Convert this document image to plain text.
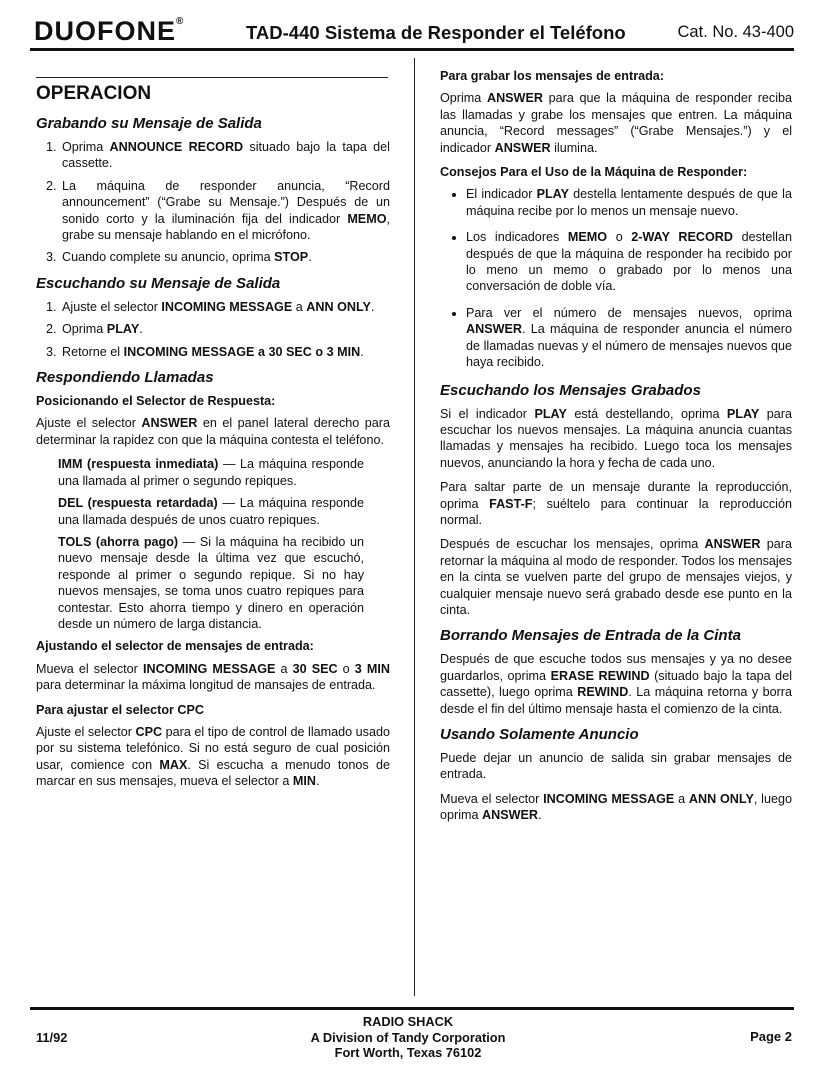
DUOFONE®
TAD-440 Sistema de Responder el Teléfono	Cat. No. 43-400
OPERACION
Grabando su Mensaje de Salida
1. Oprima ANNOUNCE RECORD situado bajo la tapa del cassette.
2. La máquina de responder anuncia, “Record announcement” (“Grabe su Mensaje.”) Después de un sonido corto y la iluminación fija del indicador MEMO, grabe su mensaje hablando en el micrófono.
3. Cuando complete su anuncio, oprima STOP.
Escuchando su Mensaje de Salida
1. Ajuste el selector INCOMING MESSAGE a ANN ONLY.
2. Oprima PLAY.
3. Retorne el INCOMING MESSAGE a 30 SEC o 3 MIN.
Respondiendo Llamadas
Posicionando el Selector de Respuesta:

Ajuste el selector ANSWER en el panel lateral derecho para determinar la rapidez con que la máquina contesta el teléfono.

IMM (respuesta inmediata) — La máquina responde una llamada al primer o segundo repiques.

DEL (respuesta retardada) — La máquina responde una llamada después de unos cuatro repiques.

TOLS (ahorra pago) — Si la máquina ha recibido un nuevo mensaje desde la última vez que escuchó, responde al primer o segundo repique. Si no hay nuevos mensajes, se toma unos cuatro repiques para contestar. Esto ahorra tiempo y dinero en operación desde un número de larga distancia.

Ajustando el selector de mensajes de entrada:

Mueva el selector INCOMING MESSAGE a 30 SEC o 3 MIN para determinar la máxima longitud de mansajes de entrada.

Para ajustar el selector CPC

Ajuste el selector CPC para el tipo de control de llamado usado por su sistema telefónico. Si no está seguro de cual posición usar, comience con MAX. Si escucha a menudo tonos de marcar en sus mensajes, mueva el selector a MIN.

Para grabar los mensajes de entrada:

Oprima ANSWER para que la máquina de responder reciba las llamadas y grabe los mensajes que entren. La máquina anuncia, “Record messages” (“Grabe Mensajes.”) y el indicador ANSWER ilumina.

Consejos Para el Uso de la Máquina de Responder:
• El indicador PLAY destella lentamente después de que la máquina recibe por lo menos un mensaje nuevo.
• Los indicadores MEMO o 2-WAY RECORD destellan después de que la máquina de responder ha recibido por lo meno un memo o grabado por lo menos una conversación de doble vía.
• Para ver el número de mensajes nuevos, oprima ANSWER. La máquina de responder anuncia el número de llamadas nuevas y el número de mensajes nuevos que haya recibido.
Escuchando los Mensajes Grabados

Si el indicador PLAY está destellando, oprima PLAY para escuchar los nuevos mensajes. La máquina anuncia cuantas llamadas y mensajes ha recibido. Luego toca los mensajes nuevos, anunciando la hora y fecha de cada uno.

Para saltar parte de un mensaje durante la reproducción, oprima FAST-F; suéltelo para continuar la reproducción normal.

Después de escuchar los mensajes, oprima ANSWER para retornar la máquina al modo de responder. Todos los mensajes en la cinta se vuelven parte del grupo de mensajes viejos, y cualquier mensaje nuevo será grabado desde ese punto en la cinta.

Borrando Mensajes de Entrada de la Cinta

Después de que escuche todos sus mensajes y ya no desee guardarlos, oprima ERASE REWIND (situado bajo la tapa del cassette), luego oprima REWIND. La máquina retorna y borra desde el fin del último mensaje hasta el comienzo de la cinta.

Usando Solamente Anuncio

Puede dejar un anuncio de salida sin grabar mensajes de entrada.

Mueva el selector INCOMING MESSAGE a ANN ONLY, luego oprima ANSWER.

11/92
RADIO SHACK
A Division of Tandy Corporation
Fort Worth, Texas 76102
Page 2
